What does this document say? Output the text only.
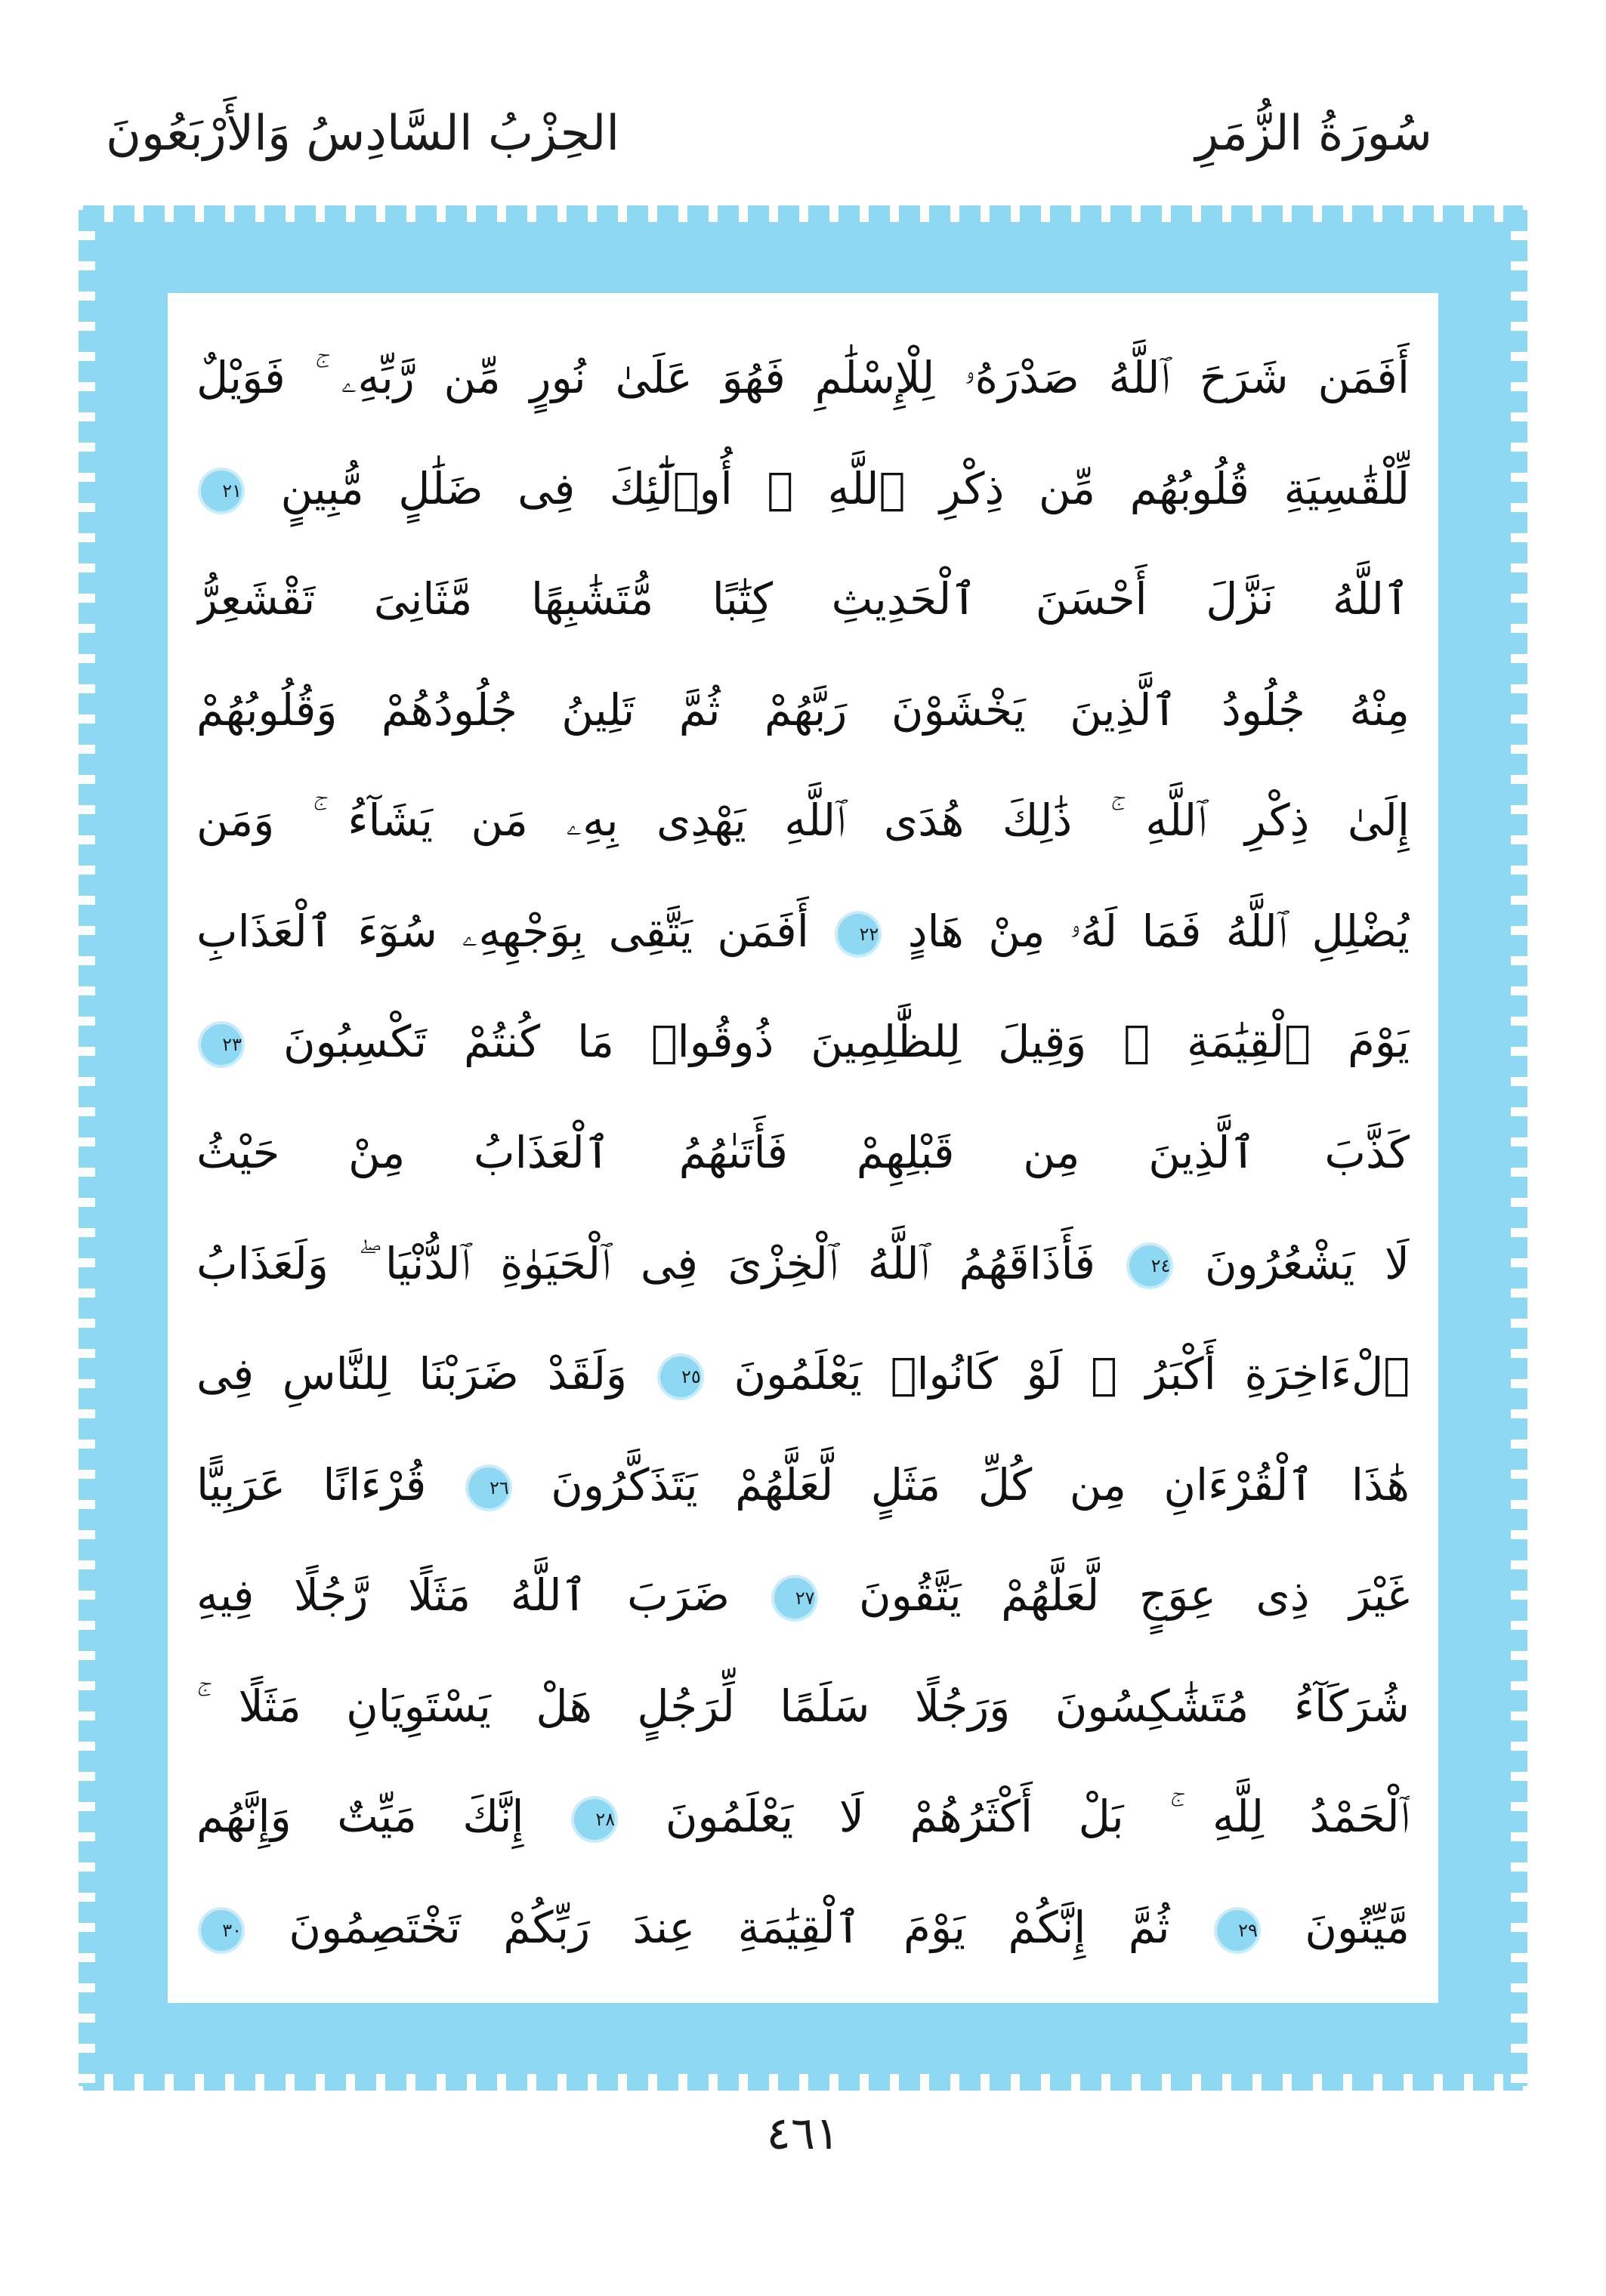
سُورَةُ الزُّمَرِ
الحِزْبُ السَّادِسُ وَالأَرْبَعُونَ
أَفَمَن شَرَحَ ٱللَّهُ صَدْرَهُۥ لِلْإِسْلَٰمِ فَهُوَ عَلَىٰ نُورٍ مِّن رَّبِّهِۦ ۚ فَوَيْلٌ
لِّلْقَٰسِيَةِ قُلُوبُهُم مِّن ذِكْرِ ٱللَّهِ ۚ أُو۟لَٰٓئِكَ فِى ضَلَٰلٍ مُّبِينٍ ٢١
ٱللَّهُ نَزَّلَ أَحْسَنَ ٱلْحَدِيثِ كِتَٰبًا مُّتَشَٰبِهًا مَّثَانِىَ تَقْشَعِرُّ
مِنْهُ جُلُودُ ٱلَّذِينَ يَخْشَوْنَ رَبَّهُمْ ثُمَّ تَلِينُ جُلُودُهُمْ وَقُلُوبُهُمْ
إِلَىٰ ذِكْرِ ٱللَّهِ ۚ ذَٰلِكَ هُدَى ٱللَّهِ يَهْدِى بِهِۦ مَن يَشَآءُ ۚ وَمَن
يُضْلِلِ ٱللَّهُ فَمَا لَهُۥ مِنْ هَادٍ ٢٢ أَفَمَن يَتَّقِى بِوَجْهِهِۦ سُوٓءَ ٱلْعَذَابِ
يَوْمَ ٱلْقِيَٰمَةِ ۚ وَقِيلَ لِلظَّٰلِمِينَ ذُوقُوا۟ مَا كُنتُمْ تَكْسِبُونَ ٢٣
كَذَّبَ ٱلَّذِينَ مِن قَبْلِهِمْ فَأَتَىٰهُمُ ٱلْعَذَابُ مِنْ حَيْثُ
لَا يَشْعُرُونَ ٢٤ فَأَذَاقَهُمُ ٱللَّهُ ٱلْخِزْىَ فِى ٱلْحَيَوٰةِ ٱلدُّنْيَا ۖ وَلَعَذَابُ
ٱلْءَاخِرَةِ أَكْبَرُ ۚ لَوْ كَانُوا۟ يَعْلَمُونَ ٢٥ وَلَقَدْ ضَرَبْنَا لِلنَّاسِ فِى
هَٰذَا ٱلْقُرْءَانِ مِن كُلِّ مَثَلٍ لَّعَلَّهُمْ يَتَذَكَّرُونَ ٢٦ قُرْءَانًا عَرَبِيًّا
غَيْرَ ذِى عِوَجٍ لَّعَلَّهُمْ يَتَّقُونَ ٢٧ ضَرَبَ ٱللَّهُ مَثَلًا رَّجُلًا فِيهِ
شُرَكَآءُ مُتَشَٰكِسُونَ وَرَجُلًا سَلَمًا لِّرَجُلٍ هَلْ يَسْتَوِيَانِ مَثَلًا ۚ
ٱلْحَمْدُ لِلَّهِ ۚ بَلْ أَكْثَرُهُمْ لَا يَعْلَمُونَ ٢٨ إِنَّكَ مَيِّتٌ وَإِنَّهُم
مَّيِّتُونَ ٢٩ ثُمَّ إِنَّكُمْ يَوْمَ ٱلْقِيَٰمَةِ عِندَ رَبِّكُمْ تَخْتَصِمُونَ ٣٠
٤٦١
